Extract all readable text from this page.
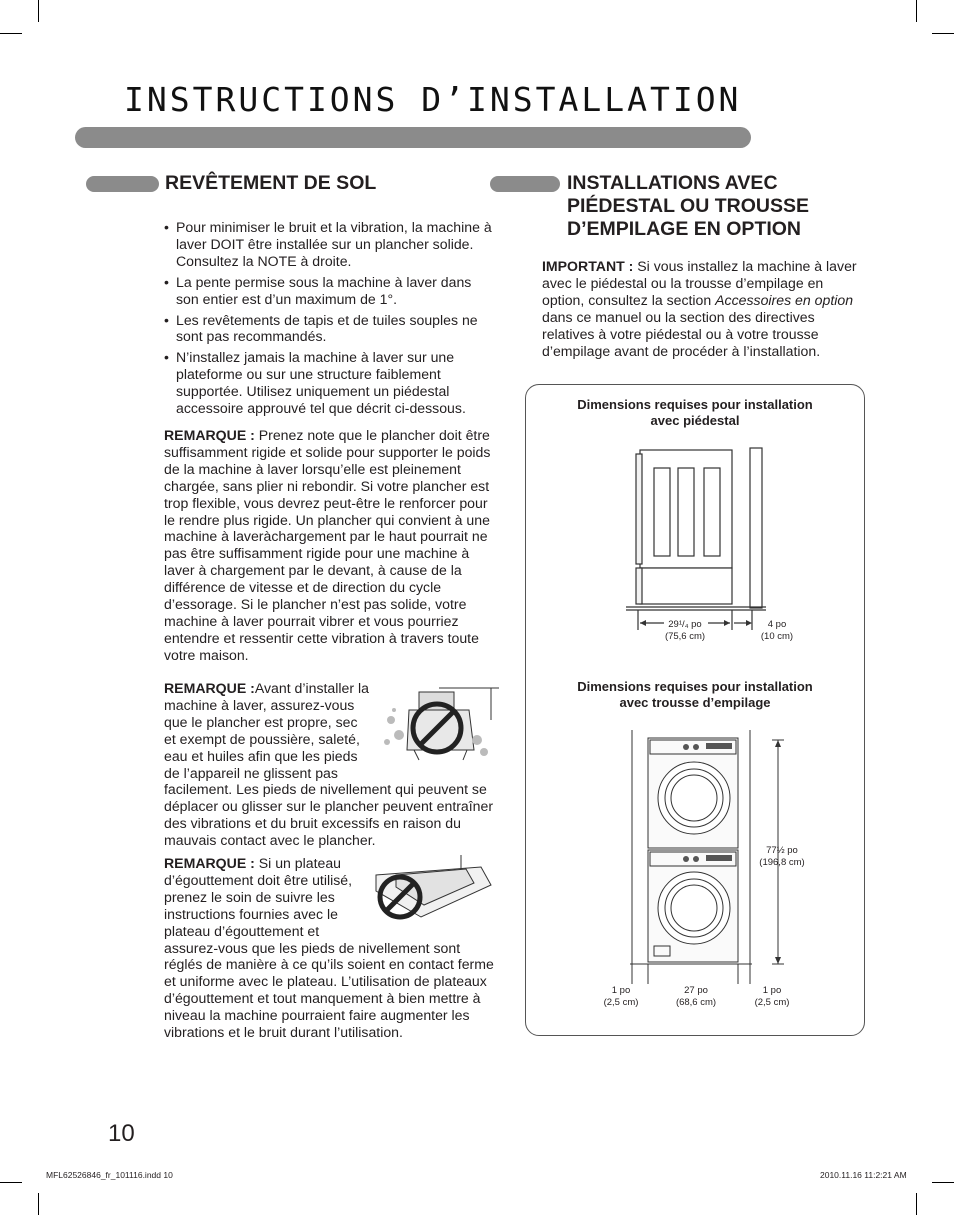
INSTRUCTIONS D’INSTALLATION
REVÊTEMENT DE SOL
• Pour minimiser le bruit et la vibration, la machine à laver DOIT être installée sur un plancher solide. Consultez la NOTE à droite.
• La pente permise sous la machine à laver dans son entier est d’un maximum de 1°.
• Les revêtements de tapis et de tuiles souples ne sont pas recommandés.
• N’installez jamais la machine à laver sur une plateforme ou sur une structure faiblement supportée. Utilisez uniquement un piédestal accessoire approuvé tel que décrit ci-dessous.

REMARQUE : Prenez note que le plancher doit être suffisamment rigide et solide pour supporter le poids de la machine à laver lorsqu’elle est pleinement chargée, sans plier ni rebondir. Si votre plancher est trop flexible, vous devrez peut-être le renforcer pour le rendre plus rigide. Un plancher qui convient à une machine à laveràchargement par le haut pourrait ne pas être suffisamment rigide pour une machine à laver à chargement par le devant, à cause de la différence de vitesse et de direction du cycle d’essorage. Si le plancher n’est pas solide, votre machine à laver pourrait vibrer et vous pourriez entendre et ressentir cette vibration à travers toute votre maison.

REMARQUE :Avant d’installer la machine à laver, assurez-vous que le plancher est propre, sec et exempt de poussière, saleté, eau et huiles afin que les pieds de l’appareil ne glissent pas facilement. Les pieds de nivellement qui peuvent se déplacer ou glisser sur le plancher peuvent entraîner des vibrations et du bruit excessifs en raison du mauvais contact avec le plancher.
REMARQUE : Si un plateau d’égouttement doit être utilisé, prenez le soin de suivre les instructions fournies avec le plateau d’égouttement et assurez-vous que les pieds de nivellement sont réglés de manière à ce qu’ils soient en contact ferme et uniforme avec le plateau. L’utilisation de plateaux d’égouttement et tout manquement à bien mettre à niveau la machine pourraient faire augmenter les vibrations et le bruit durant l’utilisation.
INSTALLATIONS AVEC
PIÉDESTAL OU TROUSSE
D’EMPILAGE EN OPTION
IMPORTANT : Si vous installez la machine à laver avec le piédestal ou la trousse d’empilage en option, consultez la section Accessoires en option dans ce manuel ou la section des directives relatives à votre piédestal ou à votre trousse d’empilage avant de procéder à l’installation.
Dimensions requises pour installation
avec piédestal
29¹/₄ po
(75,6 cm)
4 po
(10 cm)
Dimensions requises pour installation
avec trousse d’empilage
77½ po
(196,8 cm)
1 po
(2,5 cm)
27 po
(68,6 cm)
1 po
(2,5 cm)
10
MFL62526846_fr_101116.indd 10	2010.11.16 11:2:21 AM
